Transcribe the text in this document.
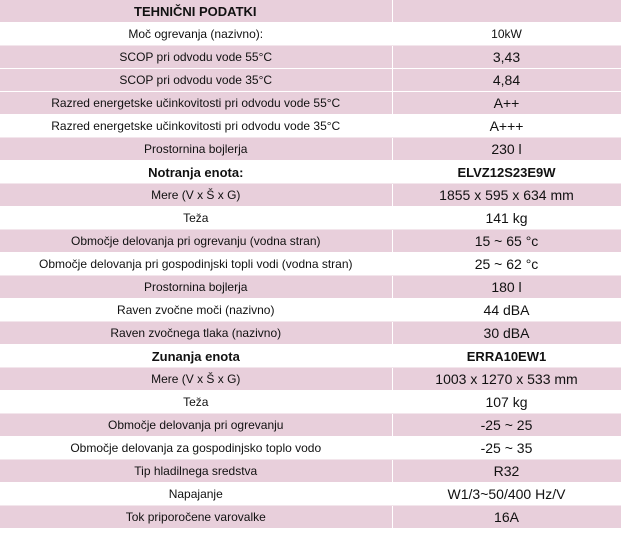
TEHNIČNI PODATKI	
Moč ogrevanja (nazivno):	10kW
SCOP pri odvodu vode 55°C	3,43
SCOP pri odvodu vode 35°C	4,84
Razred energetske učinkovitosti pri odvodu vode 55°C	A++
Razred energetske učinkovitosti pri odvodu vode 35°C	A+++
Prostornina bojlerja	230 l
Notranja enota:	ELVZ12S23E9W
Mere (V x Š x G)	1855 x 595 x 634 mm
Teža	141 kg
Območje delovanja pri ogrevanju (vodna stran)	15 ~ 65 °c
Območje delovanja pri gospodinjski topli vodi (vodna stran)	25 ~ 62 °c
Prostornina bojlerja	180 l
Raven zvočne moči (nazivno)	44 dBA
Raven zvočnega tlaka (nazivno)	30 dBA
Zunanja enota	ERRA10EW1
Mere (V x Š x G)	1003 x 1270 x 533 mm
Teža	107 kg
Območje delovanja pri ogrevanju	-25 ~ 25
Območje delovanja za gospodinjsko toplo vodo	-25 ~ 35
Tip hladilnega sredstva	R32
Napajanje	W1/3~50/400 Hz/V
Tok priporočene varovalke	16A
